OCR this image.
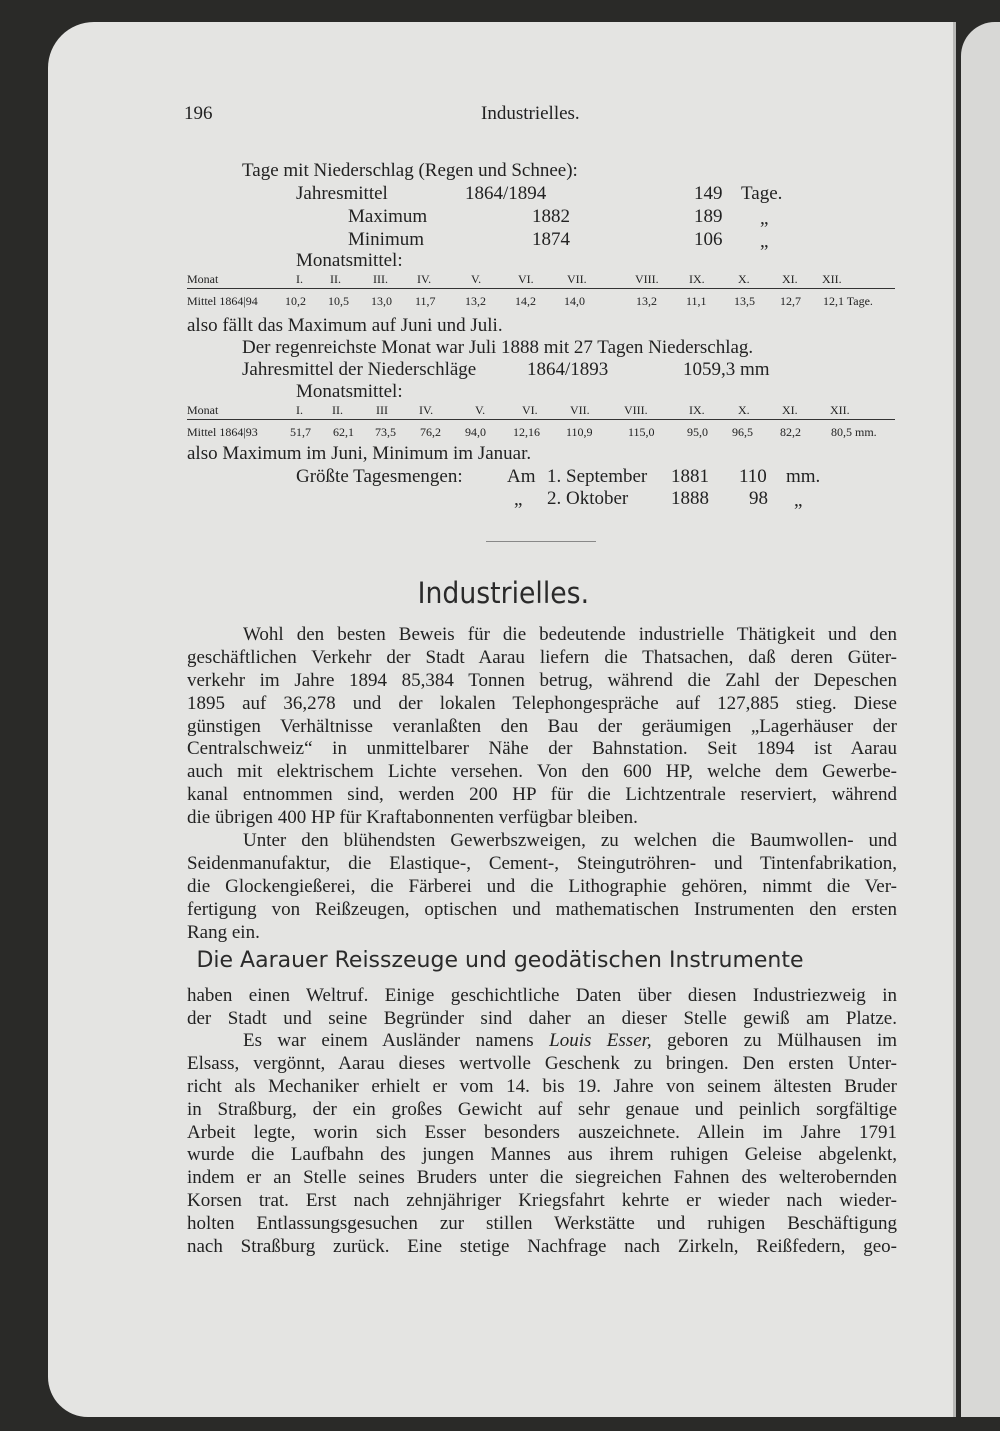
196	Industrielles.
Tage mit Niederschlag (Regen und Schnee):
Jahresmittel	1864/1894	149 Tage.
Maximum	1882	189 „
Minimum	1874	106 „
Monatsmittel:
Monat	I. II.	III. IV.	V.	VI.	VII.	VIII.	IX.	X.	XI. XII.
Mittel 1864|94 10,2 10,5 13,0 11,7 13,2 14,2 14,0	13,2 11,1 13,5 12,7 12,1 Tage.
also fällt das Maximum auf Juni und Juli.
Der regenreichste Monat war Juli 1888 mit 27 Tagen Niederschlag.
Jahresmittel der Niederschläge	1864/1893	1059,3 mm
Monatsmittel:
Monat	I. II.	III	IV.	V.	VI.	VII.	VIII.	IX.	X.	XI.	XII.
Mittel 1864|93	51,7 62,1 73,5 76,2 94,0 12,16 110,9	115,0	95,0 96,5 82,2	80,5 mm.
also Maximum im Juni, Minimum im Januar.
Größte Tagesmengen: Am 1. September 1881 110 mm.
„ 2. Oktober 1888 98 „
Industrielles.
Wohl den besten Beweis für die bedeutende industrielle Thätigkeit und den
geschäftlichen Verkehr der Stadt Aarau liefern die Thatsachen, daß deren Güter-
verkehr im Jahre 1894 85,384 Tonnen betrug, während die Zahl der Depeschen
1895 auf 36,278 und der lokalen Telephongespräche auf 127,885 stieg. Diese
günstigen Verhältnisse veranlaßten den Bau der geräumigen „Lagerhäuser der
Centralschweiz“ in unmittelbarer Nähe der Bahnstation. Seit 1894 ist Aarau
auch mit elektrischem Lichte versehen. Von den 600 HP, welche dem Gewerbe-
kanal entnommen sind, werden 200 HP für die Lichtzentrale reserviert, während
die übrigen 400 HP für Kraftabonnenten verfügbar bleiben.
Unter den blühendsten Gewerbszweigen, zu welchen die Baumwollen- und
Seidenmanufaktur, die Elastique-, Cement-, Steingutröhren- und Tintenfabrikation,
die Glockengießerei, die Färberei und die Lithographie gehören, nimmt die Ver-
fertigung von Reißzeugen, optischen und mathematischen Instrumenten den ersten
Rang ein.
Die Aarauer Reisszeuge und geodätischen Instrumente
haben einen Weltruf. Einige geschichtliche Daten über diesen Industriezweig in
der Stadt und seine Begründer sind daher an dieser Stelle gewiß am Platze.
Es war einem Ausländer namens Louis Esser, geboren zu Mülhausen im
Elsass, vergönnt, Aarau dieses wertvolle Geschenk zu bringen. Den ersten Unter-
richt als Mechaniker erhielt er vom 14. bis 19. Jahre von seinem ältesten Bruder
in Straßburg, der ein großes Gewicht auf sehr genaue und peinlich sorgfältige
Arbeit legte, worin sich Esser besonders auszeichnete. Allein im Jahre 1791
wurde die Laufbahn des jungen Mannes aus ihrem ruhigen Geleise abgelenkt,
indem er an Stelle seines Bruders unter die siegreichen Fahnen des welterobernden
Korsen trat. Erst nach zehnjähriger Kriegsfahrt kehrte er wieder nach wieder-
holten Entlassungsgesuchen zur stillen Werkstätte und ruhigen Beschäftigung
nach Straßburg zurück. Eine stetige Nachfrage nach Zirkeln, Reißfedern, geo-
